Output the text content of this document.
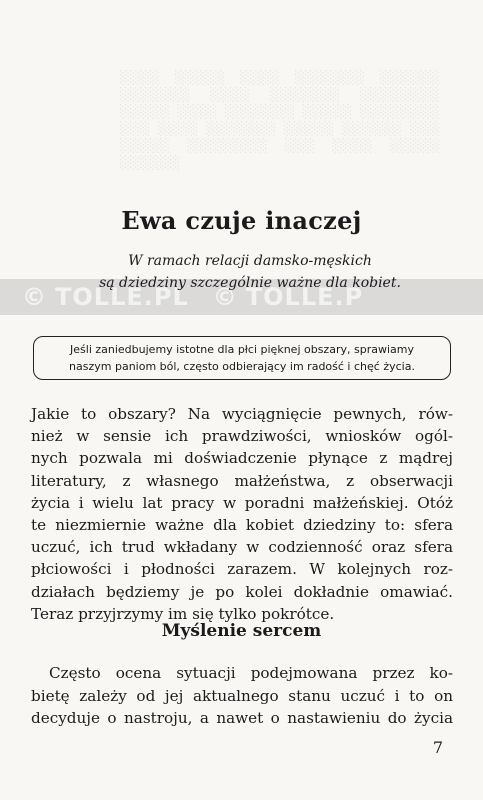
░░░░ ░░░░░ ░░░░ ░░░░░░░ ░░░░░░ ░░░░░░░ ░░░░ ░░░░░░░ ░░░░░░░░ ░░░░░ ░░░░ ░░░░░░░ ░░░░░ ░░░░░░░░ ░░░ ░░░░ ░░░░░░░ ░░░░░ ░░░░░░ ░░░ ░░░░░ ░░░░░░░░ ░░░ ░░░░ ░░░░░ ░░░░░░
© TOLLE.PL © TOLLE.P
Ewa czuje inaczej
W ramach relacji damsko-męskich
są dziedziny szczególnie ważne dla kobiet.

Jeśli zaniedbujemy istotne dla płci pięknej obszary, sprawiamy

naszym paniom ból, często odbierający im radość i chęć życia.

Jakie to obszary? Na wyciągnięcie pewnych, rów-
nież w sensie ich prawdziwości, wniosków ogól-
nych pozwala mi doświadczenie płynące z mądrej
literatury, z własnego małżeństwa, z obserwacji
życia i wielu lat pracy w poradni małżeńskiej. Otóż
te niezmiernie ważne dla kobiet dziedziny to: sfera
uczuć, ich trud wkładany w codzienność oraz sfera
płciowości i płodności zarazem. W kolejnych roz-
działach będziemy je po kolei dokładnie omawiać.
Teraz przyjrzymy im się tylko pokrótce.
Myślenie sercem
Często ocena sytuacji podejmowana przez ko-
bietę zależy od jej aktualnego stanu uczuć i to on
decyduje o nastroju, a nawet o nastawieniu do życia
7
